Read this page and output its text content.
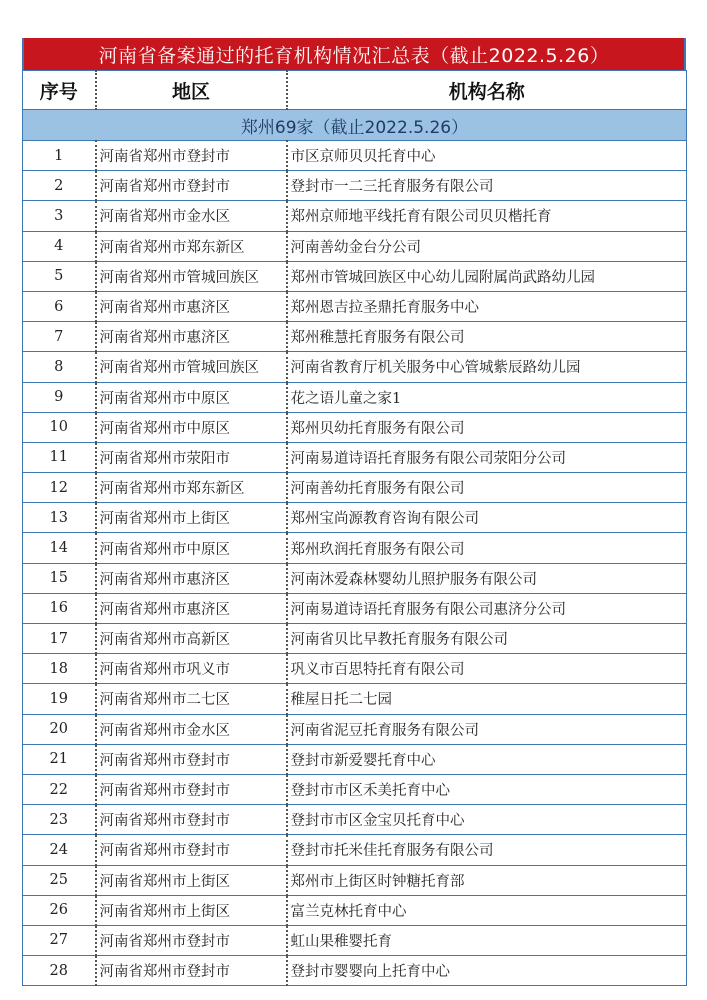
河南省备案通过的托育机构情况汇总表（截止2022.5.26）
序号	地区	机构名称
郑州69家（截止2022.5.26）		
1	河南省郑州市登封市	市区京师贝贝托育中心
2	河南省郑州市登封市	登封市一二三托育服务有限公司
3	河南省郑州市金水区	郑州京师地平线托育有限公司贝贝楷托育
4	河南省郑州市郑东新区	河南善幼金台分公司
5	河南省郑州市管城回族区	郑州市管城回族区中心幼儿园附属尚武路幼儿园
6	河南省郑州市惠济区	郑州恩吉拉圣鼎托育服务中心
7	河南省郑州市惠济区	郑州稚慧托育服务有限公司
8	河南省郑州市管城回族区	河南省教育厅机关服务中心管城紫辰路幼儿园
9	河南省郑州市中原区	花之语儿童之家1
10	河南省郑州市中原区	郑州贝幼托育服务有限公司
11	河南省郑州市荥阳市	河南易道诗语托育服务有限公司荥阳分公司
12	河南省郑州市郑东新区	河南善幼托育服务有限公司
13	河南省郑州市上街区	郑州宝尚源教育咨询有限公司
14	河南省郑州市中原区	郑州玖润托育服务有限公司
15	河南省郑州市惠济区	河南沐爱森林婴幼儿照护服务有限公司
16	河南省郑州市惠济区	河南易道诗语托育服务有限公司惠济分公司
17	河南省郑州市高新区	河南省贝比早教托育服务有限公司
18	河南省郑州市巩义市	巩义市百思特托育有限公司
19	河南省郑州市二七区	稚屋日托二七园
20	河南省郑州市金水区	河南省泥豆托育服务有限公司
21	河南省郑州市登封市	登封市新爱婴托育中心
22	河南省郑州市登封市	登封市市区禾美托育中心
23	河南省郑州市登封市	登封市市区金宝贝托育中心
24	河南省郑州市登封市	登封市托米佳托育服务有限公司
25	河南省郑州市上街区	郑州市上街区时钟糖托育部
26	河南省郑州市上街区	富兰克林托育中心
27	河南省郑州市登封市	虹山果稚婴托育
28	河南省郑州市登封市	登封市婴婴向上托育中心
